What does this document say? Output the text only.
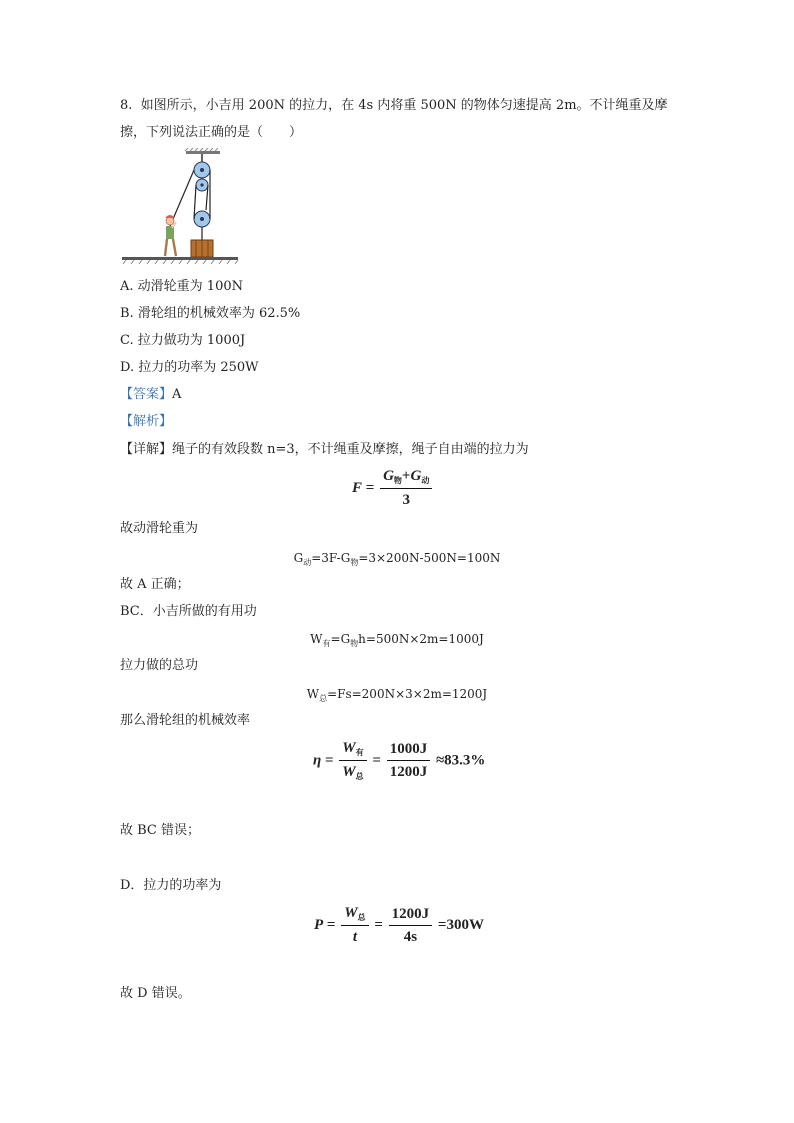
8. 如图所示，小吉用 200N 的拉力，在 4s 内将重 500N 的物体匀速提高 2m。不计绳重及摩
擦，下列说法正确的是（　　）
A. 动滑轮重为 100N
B. 滑轮组的机械效率为 62.5%
C. 拉力做功为 1000J
D. 拉力的功率为 250W
【答案】A
【解析】
【详解】绳子的有效段数 n=3，不计绳重及摩擦，绳子自由端的拉力为
$F = \frac{G_物+G_动}{3}$
故动滑轮重为
$G_动=3F-G_物=3\times 200N-500N=100N$
故 A 正确；
BC．小吉所做的有用功
$W_有=G_物h=500N\times 2m=1000J$
拉力做的总功
$W_总=Fs=200N\times 3\times 2m=1200J$
那么滑轮组的机械效率
$\eta = \frac{W_有}{W_总} = \frac{1000J}{1200J} \approx 83.3\%$
故 BC 错误；
D．拉力的功率为
$P = \frac{W_总}{t} = \frac{1200J}{4s} =300W$
故 D 错误。
